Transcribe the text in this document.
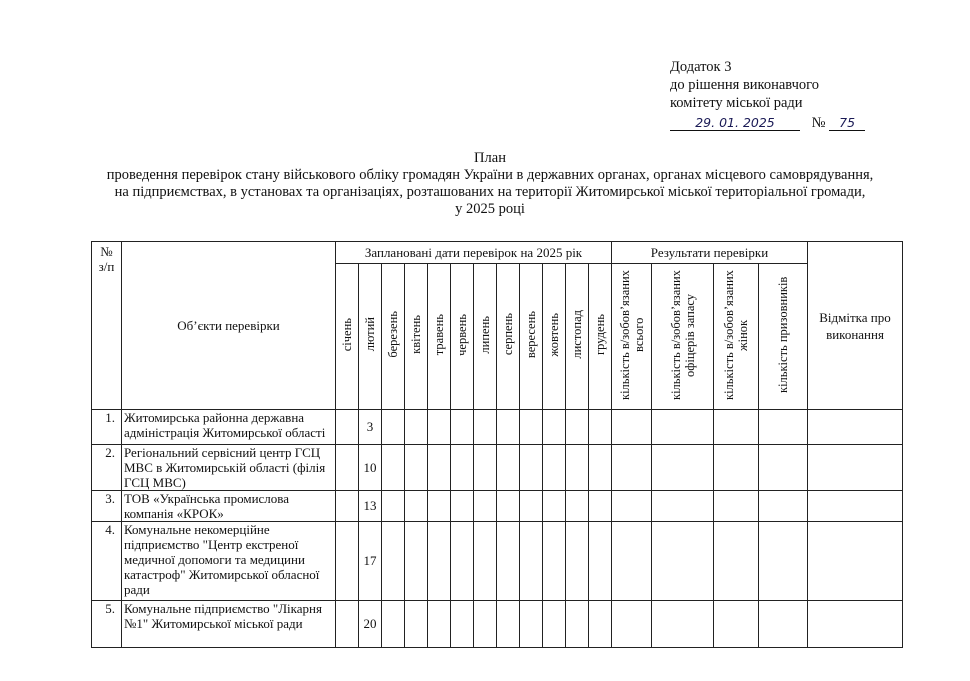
Додаток 3
до рішення виконавчого
комітету міської ради
29. 01. 2025	№ 75
План
проведення перевірок стану військового обліку громадян України в державних органах, органах місцевого самоврядування,
на підприємствах, в установах та організаціях, розташованих на території Житомирської міської територіальної громади,
у 2025 році
№ з/п	Об’єкти перевірки	Заплановані дати перевірок на 2025 рік												Результати перевірки				Відмітка про виконання
		січень	лютий	березень	квітень	травень	червень	липень	серпень	вересень	жовтень	листопад	грудень	кількість в/зобов’язаних всього	кількість в/зобов’язаних офіцерів запасу	кількість в/зобов’язаних жінок	кількість призовників	
1.	Житомирська районна державна адміністрація Житомирської області		3															
2.	Регіональний сервісний центр ГСЦ МВС в Житомирській області (філія ГСЦ МВС)		10															
3.	ТОВ «Українська промислова компанія «КРОК»		13															
4.	Комунальне некомерційне підприємство "Центр екстреної медичної допомоги та медицини катастроф" Житомирської обласної ради		17															
5.	Комунальне підприємство "Лікарня №1" Житомирської міської ради		20															
